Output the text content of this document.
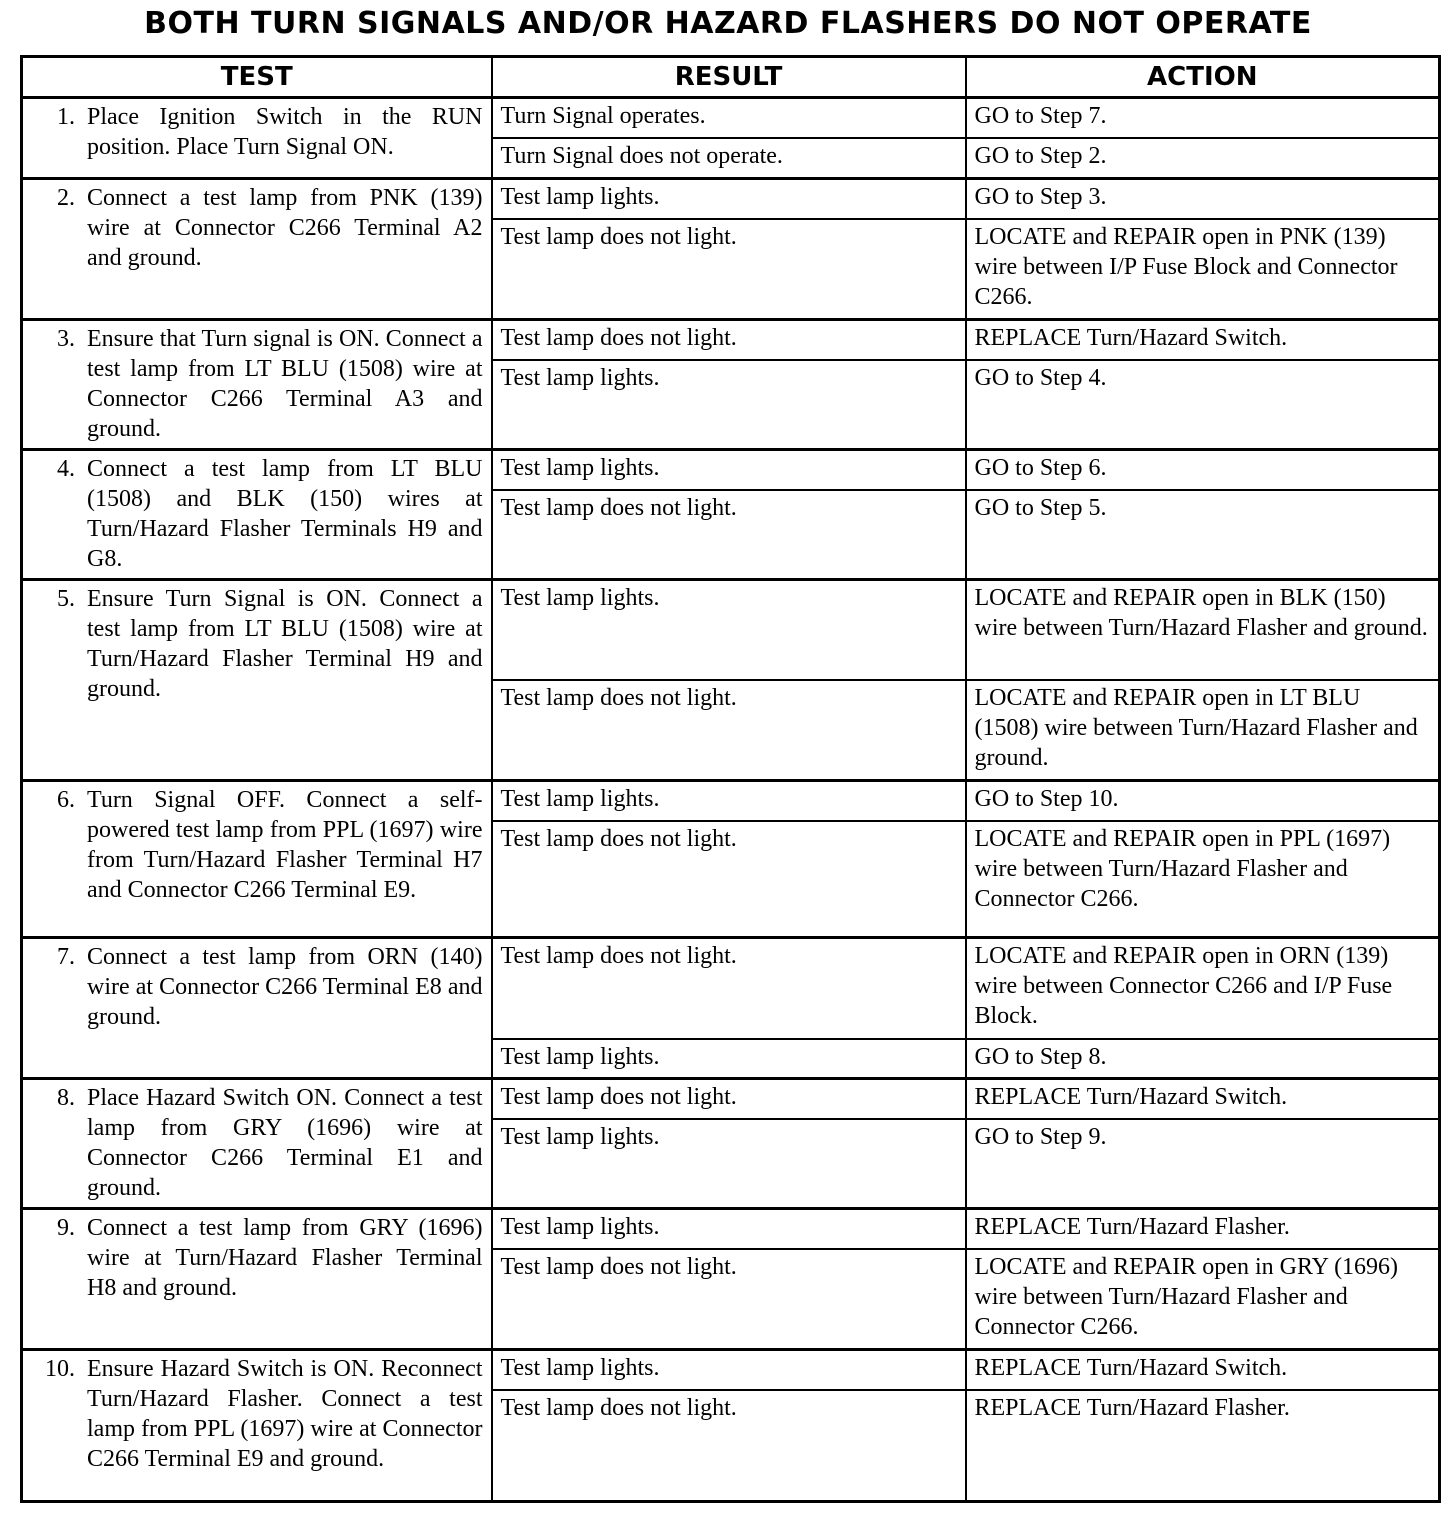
BOTH TURN SIGNALS AND/OR HAZARD FLASHERS DO NOT OPERATE
TEST	RESULT	ACTION

1. Place Ignition Switch in the RUN position. Place Turn Signal ON.	Turn Signal operates.	GO to Step 7.
	Turn Signal does not operate.	GO to Step 2.

2. Connect a test lamp from PNK (139) wire at Connector C266 Terminal A2 and ground.	Test lamp lights.	GO to Step 3.
	Test lamp does not light.	LOCATE and REPAIR open in PNK (139) wire between I/P Fuse Block and Connector C266.

3. Ensure that Turn signal is ON. Connect a test lamp from LT BLU (1508) wire at Connector C266 Terminal A3 and ground.	Test lamp does not light.	REPLACE Turn/Hazard Switch.
	Test lamp lights.	GO to Step 4.

4. Connect a test lamp from LT BLU (1508) and BLK (150) wires at Turn/Hazard Flasher Terminals H9 and G8.	Test lamp lights.	GO to Step 6.
	Test lamp does not light.	GO to Step 5.

5. Ensure Turn Signal is ON. Connect a test lamp from LT BLU (1508) wire at Turn/Hazard Flasher Terminal H9 and ground.	Test lamp lights.	LOCATE and REPAIR open in BLK (150) wire between Turn/Hazard Flasher and ground.
	Test lamp does not light.	LOCATE and REPAIR open in LT BLU (1508) wire between Turn/Hazard Flasher and ground.

6. Turn Signal OFF. Connect a self-powered test lamp from PPL (1697) wire from Turn/Hazard Flasher Terminal H7 and Connector C266 Terminal E9.	Test lamp lights.	GO to Step 10.
	Test lamp does not light.	LOCATE and REPAIR open in PPL (1697) wire between Turn/Hazard Flasher and Connector C266.

7. Connect a test lamp from ORN (140) wire at Connector C266 Terminal E8 and ground.	Test lamp does not light.	LOCATE and REPAIR open in ORN (139) wire between Connector C266 and I/P Fuse Block.
	Test lamp lights.	GO to Step 8.

8. Place Hazard Switch ON. Connect a test lamp from GRY (1696) wire at Connector C266 Terminal E1 and ground.	Test lamp does not light.	REPLACE Turn/Hazard Switch.
	Test lamp lights.	GO to Step 9.

9. Connect a test lamp from GRY (1696) wire at Turn/Hazard Flasher Terminal H8 and ground.	Test lamp lights.	REPLACE Turn/Hazard Flasher.
	Test lamp does not light.	LOCATE and REPAIR open in GRY (1696) wire between Turn/Hazard Flasher and Connector C266.

10. Ensure Hazard Switch is ON. Reconnect Turn/Hazard Flasher. Connect a test lamp from PPL (1697) wire at Connector C266 Terminal E9 and ground.	Test lamp lights.	REPLACE Turn/Hazard Switch.
	Test lamp does not light.	REPLACE Turn/Hazard Flasher.
